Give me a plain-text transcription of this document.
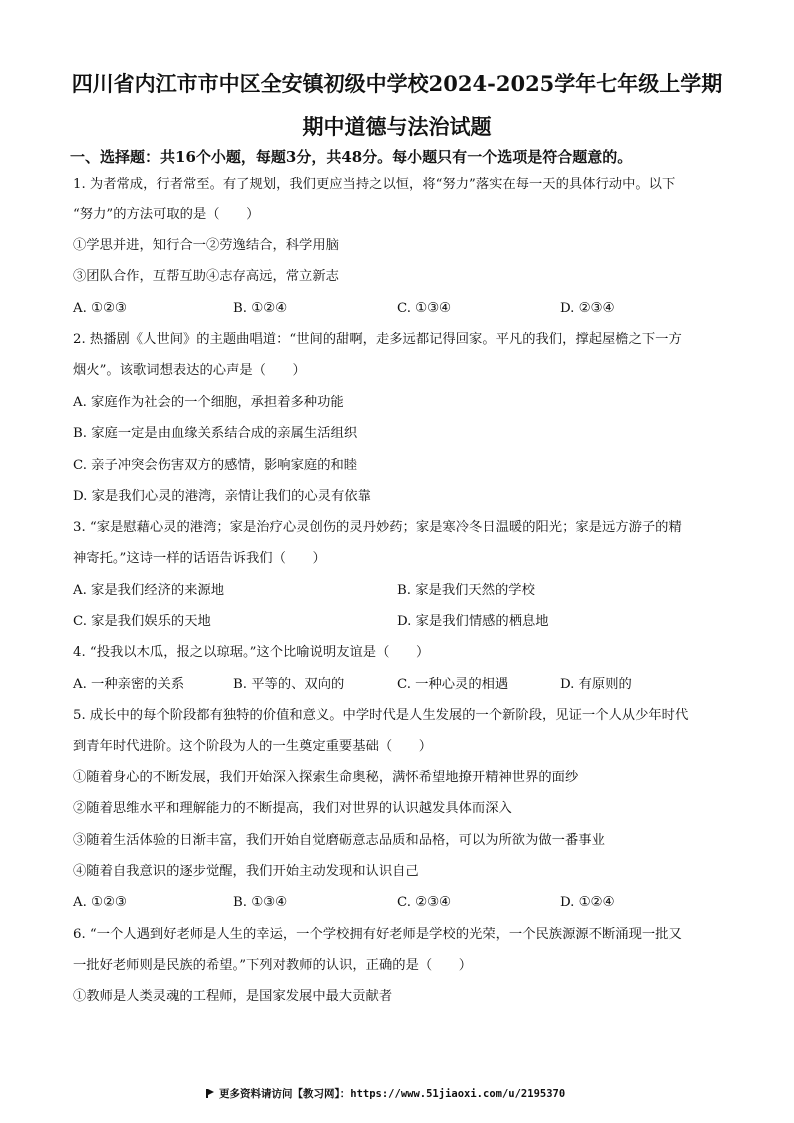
四川省内江市市中区全安镇初级中学校2024-2025学年七年级上学期
期中道德与法治试题
一、选择题：共16个小题，每题3分，共48分。每小题只有一个选项是符合题意的。
1. 为者常成，行者常至。有了规划，我们更应当持之以恒，将“努力”落实在每一天的具体行动中。以下
“努力”的方法可取的是（　　）
①学思并进，知行合一②劳逸结合，科学用脑
③团队合作，互帮互助④志存高远，常立新志
A. ①②③	B. ①②④	C. ①③④	D. ②③④
2. 热播剧《人世间》的主题曲唱道：“世间的甜啊，走多远都记得回家。平凡的我们，撑起屋檐之下一方
烟火”。该歌词想表达的心声是（　　）
A. 家庭作为社会的一个细胞，承担着多种功能
B. 家庭一定是由血缘关系结合成的亲属生活组织
C. 亲子冲突会伤害双方的感情，影响家庭的和睦
D. 家是我们心灵的港湾，亲情让我们的心灵有依靠
3. “家是慰藉心灵的港湾；家是治疗心灵创伤的灵丹妙药；家是寒冷冬日温暖的阳光；家是远方游子的精
神寄托。”这诗一样的话语告诉我们（　　）
A. 家是我们经济的来源地	B. 家是我们天然的学校
C. 家是我们娱乐的天地	D. 家是我们情感的栖息地
4. “投我以木瓜，报之以琼琚。”这个比喻说明友谊是（　　）
A. 一种亲密的关系	B. 平等的、双向的	C. 一种心灵的相遇	D. 有原则的
5. 成长中的每个阶段都有独特的价值和意义。中学时代是人生发展的一个新阶段，见证一个人从少年时代
到青年时代进阶。这个阶段为人的一生奠定重要基础（　　）
①随着身心的不断发展，我们开始深入探索生命奥秘，满怀希望地撩开精神世界的面纱
②随着思维水平和理解能力的不断提高，我们对世界的认识越发具体而深入
③随着生活体验的日渐丰富，我们开始自觉磨砺意志品质和品格，可以为所欲为做一番事业
④随着自我意识的逐步觉醒，我们开始主动发现和认识自己
A. ①②③	B. ①③④	C. ②③④	D. ①②④
6. “一个人遇到好老师是人生的幸运，一个学校拥有好老师是学校的光荣，一个民族源源不断涌现一批又
一批好老师则是民族的希望。”下列对教师的认识，正确的是（　　）
①教师是人类灵魂的工程师，是国家发展中最大贡献者
更多资料请访问【教习网】：https://www.51jiaoxi.com/u/2195370
